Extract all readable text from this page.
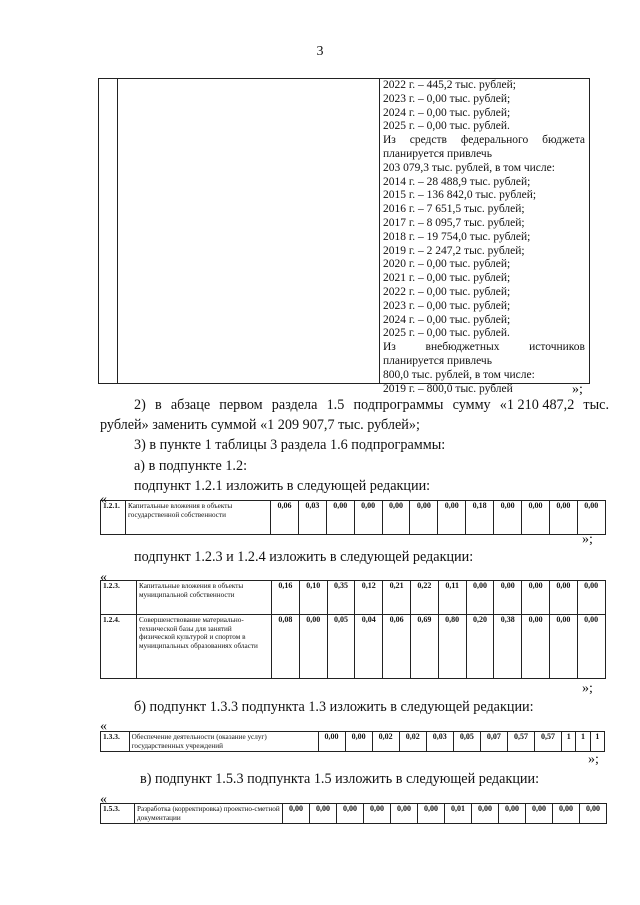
3
2022 г. – 445,2 тыс. рублей;
2023 г. – 0,00 тыс. рублей;
2024 г. – 0,00 тыс. рублей;
2025 г. – 0,00 тыс. рублей.
Из средств федерального бюджета планируется привлечь
203 079,3 тыс. рублей, в том числе:
2014 г. – 28 488,9 тыс. рублей;
2015 г. – 136 842,0 тыс. рублей;
2016 г. – 7 651,5 тыс. рублей;
2017 г. – 8 095,7 тыс. рублей;
2018 г. – 19 754,0 тыс. рублей;
2019 г. – 2 247,2 тыс. рублей;
2020 г. – 0,00 тыс. рублей;
2021 г. – 0,00 тыс. рублей;
2022 г. – 0,00 тыс. рублей;
2023 г. – 0,00 тыс. рублей;
2024 г. – 0,00 тыс. рублей;
2025 г. – 0,00 тыс. рублей.
Из внебюджетных источников планируется привлечь
800,0 тыс. рублей, в том числе:
2019 г. – 800,0 тыс. рублей	»;
2) в абзаце первом раздела 1.5 подпрограммы сумму «1 210 487,2 тыс.
рублей» заменить суммой «1 209 907,7 тыс. рублей»;
3) в пункте 1 таблицы 3 раздела 1.6 подпрограммы:
а) в подпункте 1.2:
подпункт 1.2.1 изложить в следующей редакции:
«
1.2.1.	Капитальные вложения в объекты государственной собственности	0,06	0,03	0,00	0,00	0,00	0,00	0,00	0,18	0,00	0,00	0,00	0,00
»;
подпункт 1.2.3 и 1.2.4 изложить в следующей редакции:
«
1.2.3.	Капитальные вложения в объекты муниципальной собственности	0,16	0,10	0,35	0,12	0,21	0,22	0,11	0,00	0,00	0,00	0,00	0,00
1.2.4.	Совершенствование материально-технической базы для занятий физической культурой и спортом в муниципальных образованиях области	0,08	0,00	0,05	0,04	0,06	0,69	0,80	0,20	0,38	0,00	0,00	0,00
»;
б) подпункт 1.3.3 подпункта 1.3 изложить в следующей редакции:
«
1.3.3.	Обеспечение деятельности (оказание услуг) государственных учреждений	0,00	0,00	0,02	0,02	0,03	0,05	0,07	0,57	0,57	1	1	1
»;
в) подпункт 1.5.3 подпункта 1.5 изложить в следующей редакции:
«
1.5.3.	Разработка (корректировка) проектно-сметной документации	0,00	0,00	0,00	0,00	0,00	0,00	0,01	0,00	0,00	0,00	0,00	0,00
